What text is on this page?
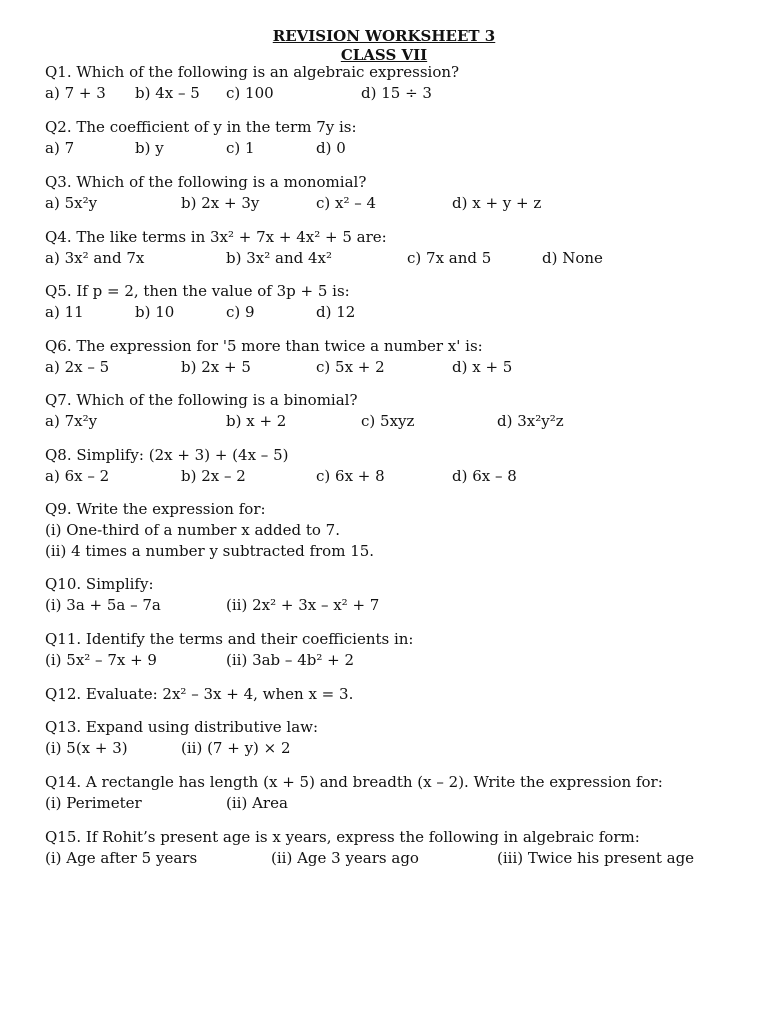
REVISION WORKSHEET 3
CLASS VII
Q1. Which of the following is an algebraic expression?
a) 7 + 3 b) 4x – 5 c) 100	d) 15 ÷ 3
Q2. The coefficient of y in the term 7y is:
a) 7	b) y	c) 1	d) 0
Q3. Which of the following is a monomial?
a) 5x²y	b) 2x + 3y	c) x² – 4	d) x + y + z
Q4. The like terms in 3x² + 7x + 4x² + 5 are:
a) 3x² and 7x	b) 3x² and 4x²	c) 7x and 5	d) None
Q5. If p = 2, then the value of 3p + 5 is:
a) 11	b) 10	c) 9	d) 12
Q6. The expression for '5 more than twice a number x' is:
a) 2x – 5	b) 2x + 5	c) 5x + 2	d) x + 5
Q7. Which of the following is a binomial?
a) 7x²y	b) x + 2	c) 5xyz	d) 3x²y²z
Q8. Simplify: (2x + 3) + (4x – 5)
a) 6x – 2	b) 2x – 2	c) 6x + 8	d) 6x – 8
Q9. Write the expression for:
(i) One-third of a number x added to 7.
(ii) 4 times a number y subtracted from 15.
Q10. Simplify:
(i) 3a + 5a – 7a	(ii) 2x² + 3x – x² + 7
Q11. Identify the terms and their coefficients in:
(i) 5x² – 7x + 9	(ii) 3ab – 4b² + 2
Q12. Evaluate: 2x² – 3x + 4, when x = 3.
Q13. Expand using distributive law:
(i) 5(x + 3)	(ii) (7 + y) × 2
Q14. A rectangle has length (x + 5) and breadth (x – 2). Write the expression for:
(i) Perimeter	(ii) Area
Q15. If Rohit’s present age is x years, express the following in algebraic form:
(i) Age after 5 years	(ii) Age 3 years ago	(iii) Twice his present age
